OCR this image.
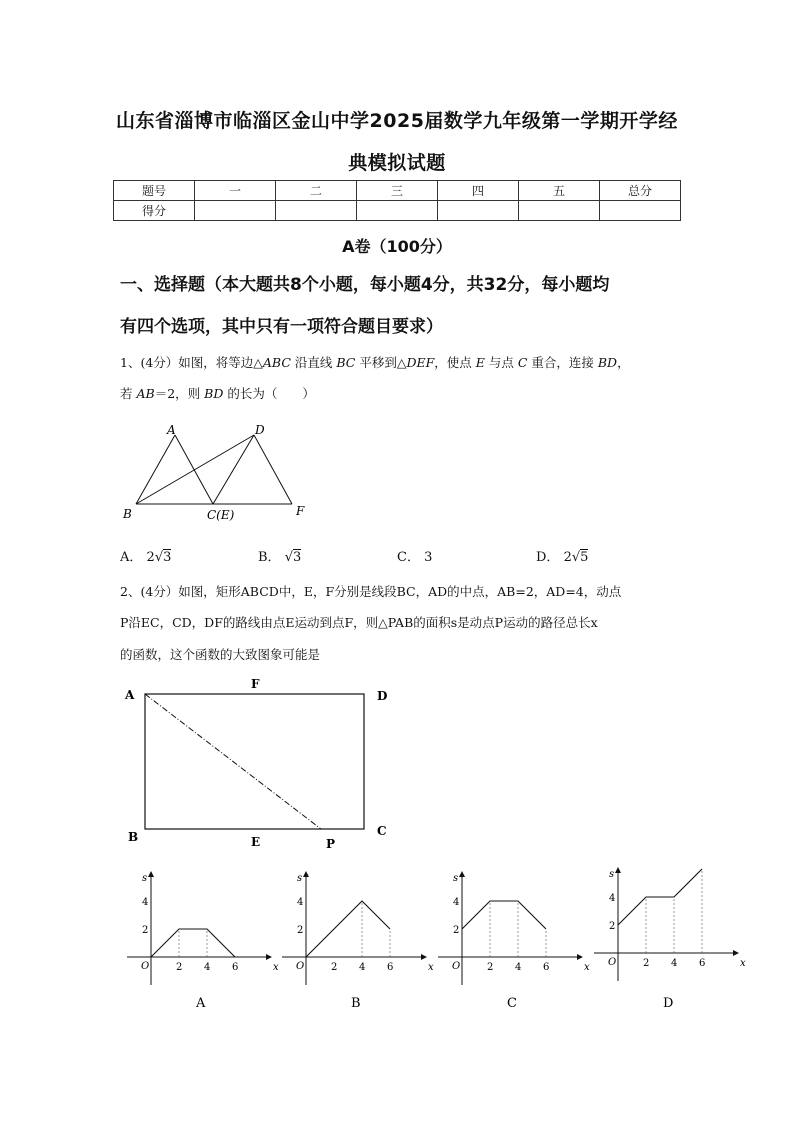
山东省淄博市临淄区金山中学2025届数学九年级第一学期开学经
典模拟试题
题号	一	二	三	四	五	总分
得分						
A卷（100分）
一、选择题（本大题共8个小题，每小题4分，共32分，每小题均
有四个选项，其中只有一项符合题目要求）
1、(4分）如图，将等边△ABC 沿直线 BC 平移到△DEF，使点 E 与点 C 重合，连接 BD，
若 AB＝2，则 BD 的长为（　　）
A	D
B	C(E)	F
A． 2√3	B． √3	C． 3	D． 2√5
2、(4分）如图，矩形ABCD中，E，F分别是线段BC，AD的中点，AB=2，AD=4，动点
P沿EC，CD，DF的路线由点E运动到点F，则△PAB的面积s是动点P运动的路径总长x
的函数，这个函数的大致图象可能是
A
F
D
B	E
C
P
s
x
O
2
4
2 4 6
A
s
x
O
2
4
2 4 6
B
s
x
O
2
4
2 4 6
C
s
x
O
2
4
2 4 6
D
